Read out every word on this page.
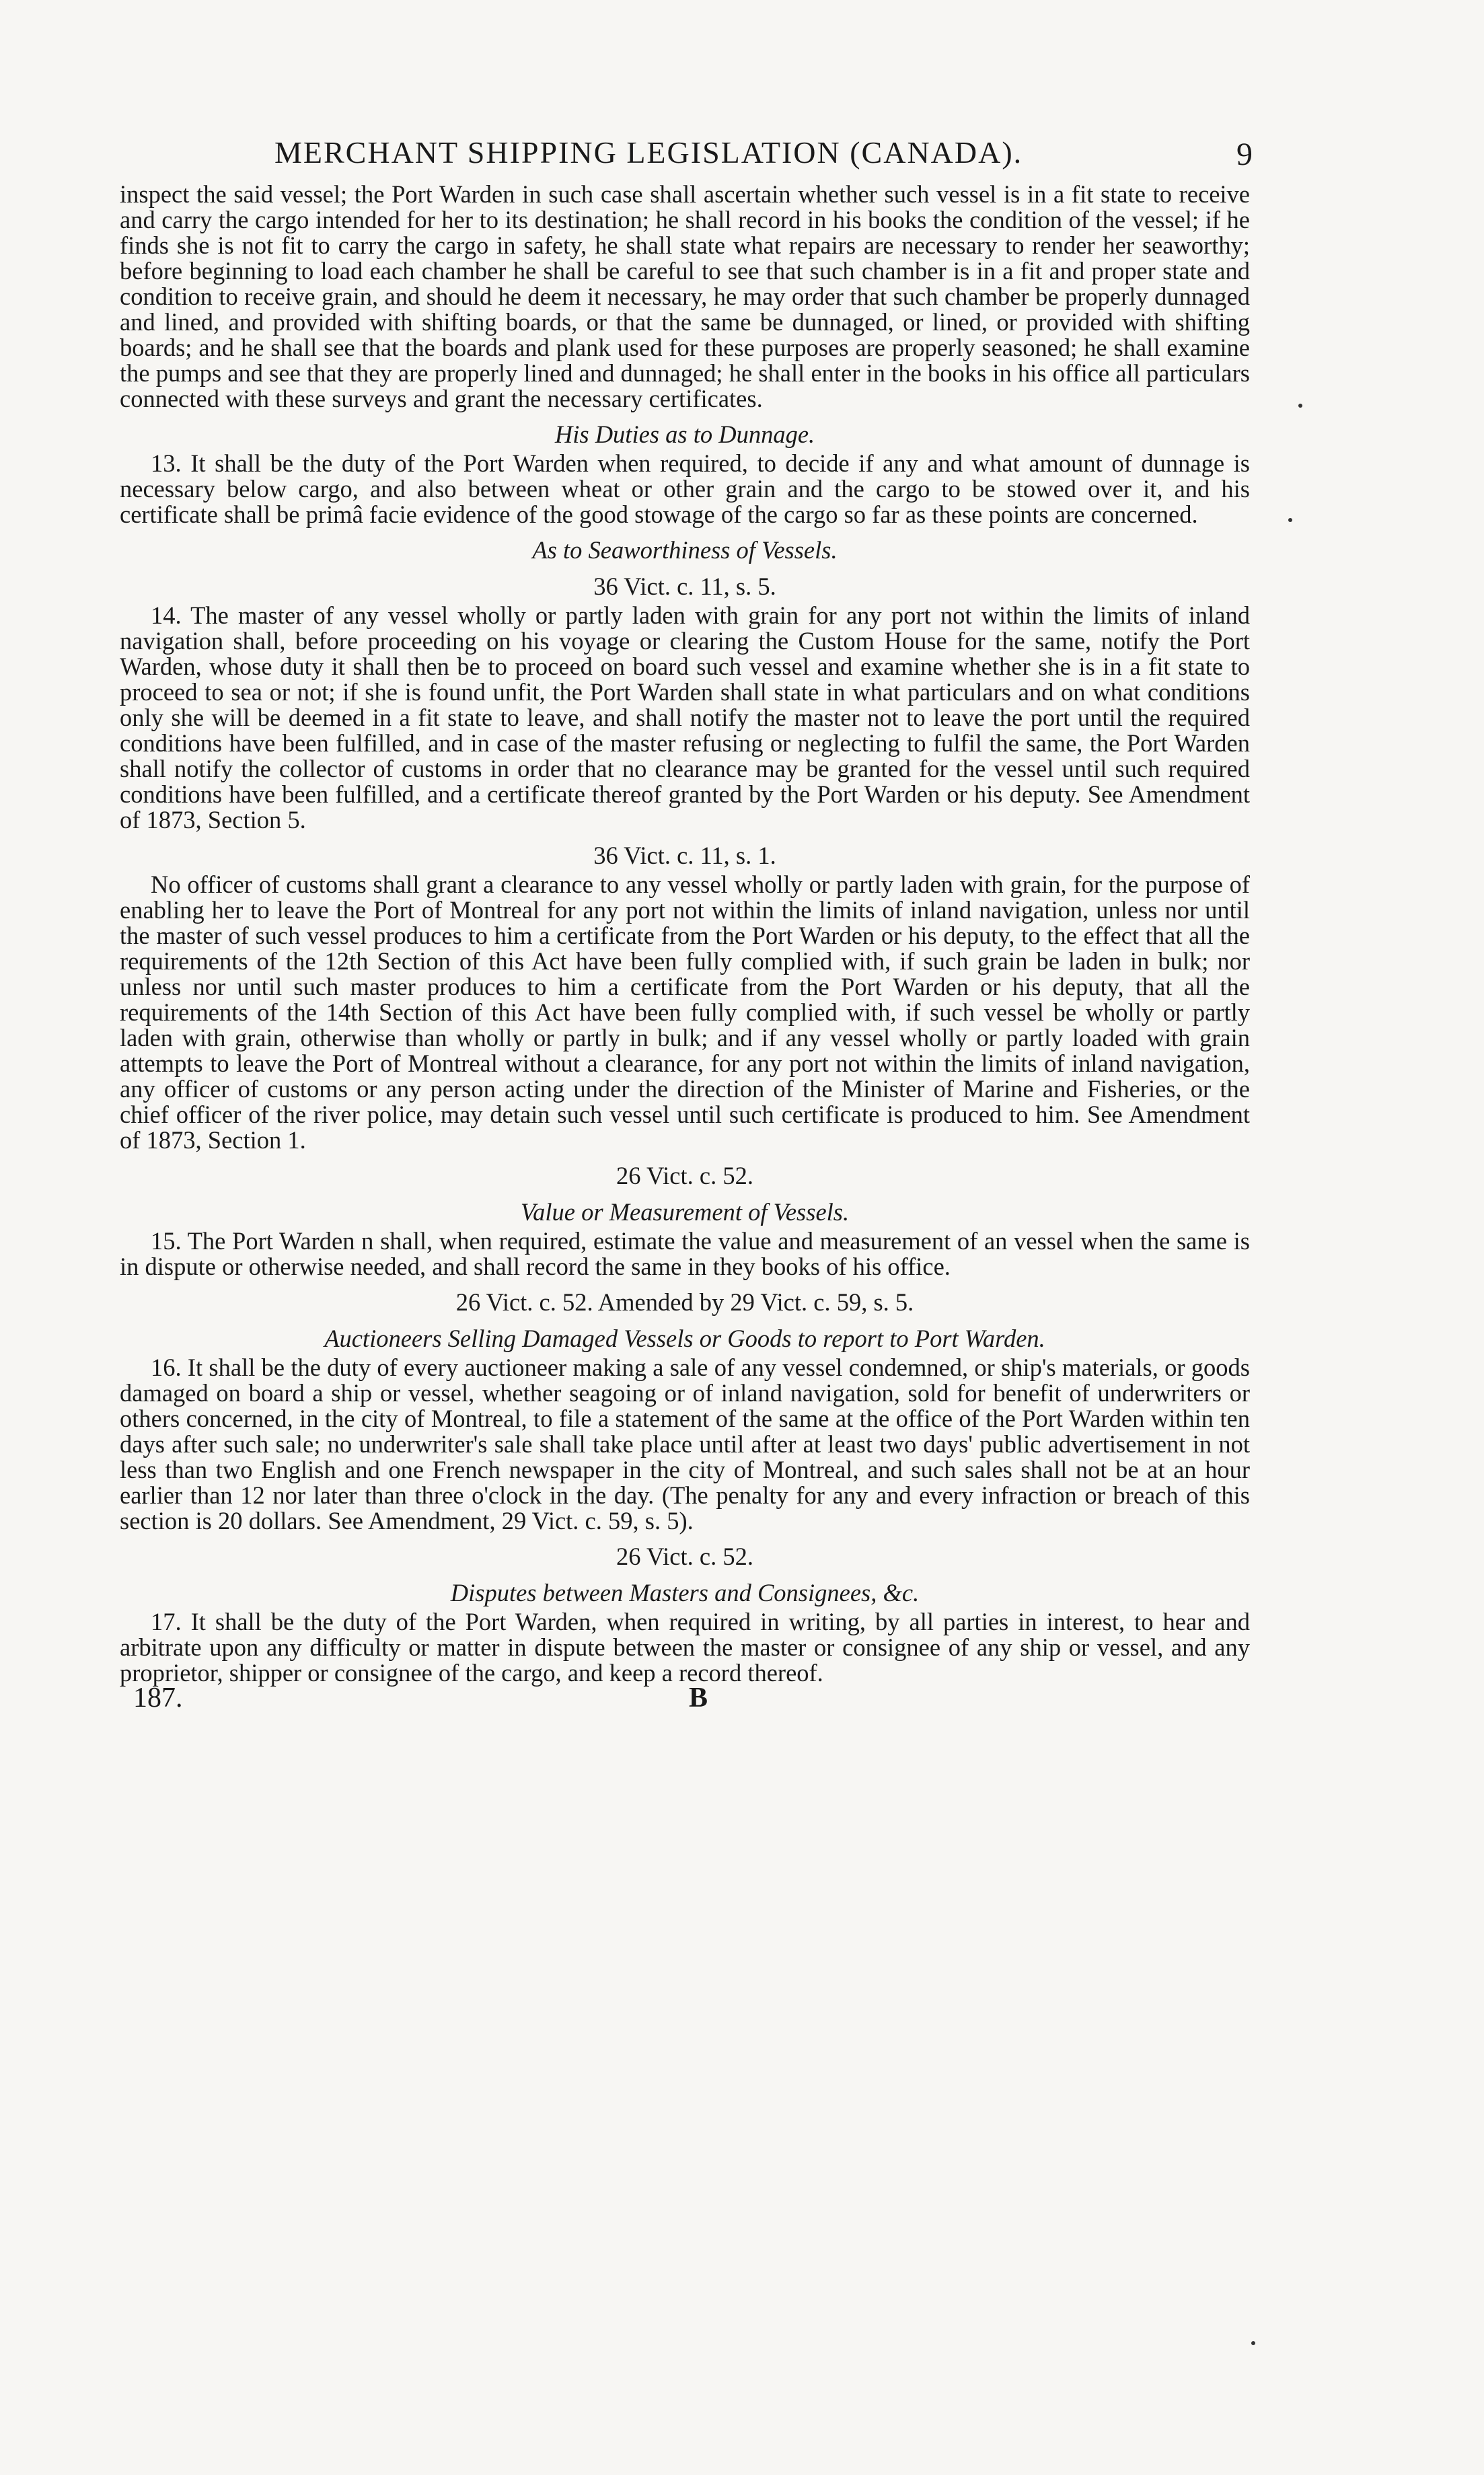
MERCHANT SHIPPING LEGISLATION (CANADA).	9

inspect the said vessel; the Port Warden in such case shall ascertain whether such vessel is in a fit state to receive and carry the cargo intended for her to its destination; he shall record in his books the condition of the vessel; if he finds she is not fit to carry the cargo in safety, he shall state what repairs are necessary to render her seaworthy; before beginning to load each chamber he shall be careful to see that such chamber is in a fit and proper state and condition to receive grain, and should he deem it necessary, he may order that such chamber be properly dunnaged and lined, and provided with shifting boards, or that the same be dunnaged, or lined, or provided with shifting boards; and he shall see that the boards and plank used for these purposes are properly seasoned; he shall examine the pumps and see that they are properly lined and dunnaged; he shall enter in the books in his office all particulars connected with these surveys and grant the necessary certificates.

His Duties as to Dunnage.

13. It shall be the duty of the Port Warden when required, to decide if any and what amount of dunnage is necessary below cargo, and also between wheat or other grain and the cargo to be stowed over it, and his certificate shall be primâ facie evidence of the good stowage of the cargo so far as these points are concerned.

As to Seaworthiness of Vessels.
36 Vict. c. 11, s. 5.

14. The master of any vessel wholly or partly laden with grain for any port not within the limits of inland navigation shall, before proceeding on his voyage or clearing the Custom House for the same, notify the Port Warden, whose duty it shall then be to proceed on board such vessel and examine whether she is in a fit state to proceed to sea or not; if she is found unfit, the Port Warden shall state in what particulars and on what conditions only she will be deemed in a fit state to leave, and shall notify the master not to leave the port until the required conditions have been fulfilled, and in case of the master refusing or neglecting to fulfil the same, the Port Warden shall notify the collector of customs in order that no clearance may be granted for the vessel until such required conditions have been fulfilled, and a certificate thereof granted by the Port Warden or his deputy. See Amendment of 1873, Section 5.

36 Vict. c. 11, s. 1.

No officer of customs shall grant a clearance to any vessel wholly or partly laden with grain, for the purpose of enabling her to leave the Port of Montreal for any port not within the limits of inland navigation, unless nor until the master of such vessel produces to him a certificate from the Port Warden or his deputy, to the effect that all the requirements of the 12th Section of this Act have been fully complied with, if such grain be laden in bulk; nor unless nor until such master produces to him a certificate from the Port Warden or his deputy, that all the requirements of the 14th Section of this Act have been fully complied with, if such vessel be wholly or partly laden with grain, otherwise than wholly or partly in bulk; and if any vessel wholly or partly loaded with grain attempts to leave the Port of Montreal without a clearance, for any port not within the limits of inland navigation, any officer of customs or any person acting under the direction of the Minister of Marine and Fisheries, or the chief officer of the river police, may detain such vessel until such certificate is produced to him. See Amendment of 1873, Section 1.

26 Vict. c. 52.
Value or Measurement of Vessels.

15. The Port Warden n shall, when required, estimate the value and measurement of an vessel when the same is in dispute or otherwise needed, and shall record the same in they books of his office.

26 Vict. c. 52. Amended by 29 Vict. c. 59, s. 5.
Auctioneers Selling Damaged Vessels or Goods to report to Port Warden.

16. It shall be the duty of every auctioneer making a sale of any vessel condemned, or ship's materials, or goods damaged on board a ship or vessel, whether seagoing or of inland navigation, sold for benefit of underwriters or others concerned, in the city of Montreal, to file a statement of the same at the office of the Port Warden within ten days after such sale; no underwriter's sale shall take place until after at least two days' public advertisement in not less than two English and one French newspaper in the city of Montreal, and such sales shall not be at an hour earlier than 12 nor later than three o'clock in the day. (The penalty for any and every infraction or breach of this section is 20 dollars. See Amendment, 29 Vict. c. 59, s. 5).

26 Vict. c. 52.
Disputes between Masters and Consignees, &c.

17. It shall be the duty of the Port Warden, when required in writing, by all parties in interest, to hear and arbitrate upon any difficulty or matter in dispute between the master or consignee of any ship or vessel, and any proprietor, shipper or consignee of the cargo, and keep a record thereof.

187.	B
